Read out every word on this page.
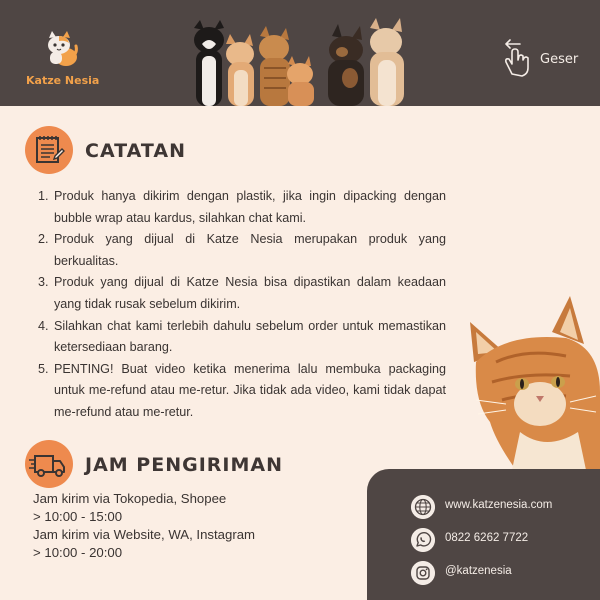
Katze Nesia
Geser
CATATAN
1. Produk hanya dikirim dengan plastik, jika ingin dipacking dengan bubble wrap atau kardus, silahkan chat kami.
2. Produk yang dijual di Katze Nesia merupakan produk yang berkualitas.
3. Produk yang dijual di Katze Nesia bisa dipastikan dalam keadaan yang tidak rusak sebelum dikirim.
4. Silahkan chat kami terlebih dahulu sebelum order untuk memastikan ketersediaan barang.
5. PENTING! Buat video ketika menerima lalu membuka packaging untuk me-refund atau me-retur. Jika tidak ada video, kami tidak dapat me-refund atau me-retur.
JAM PENGIRIMAN
Jam kirim via Tokopedia, Shopee
> 10:00 - 15:00
Jam kirim via Website, WA, Instagram
> 10:00 - 20:00
www.katzenesia.com
0822 6262 7722
@katzenesia
